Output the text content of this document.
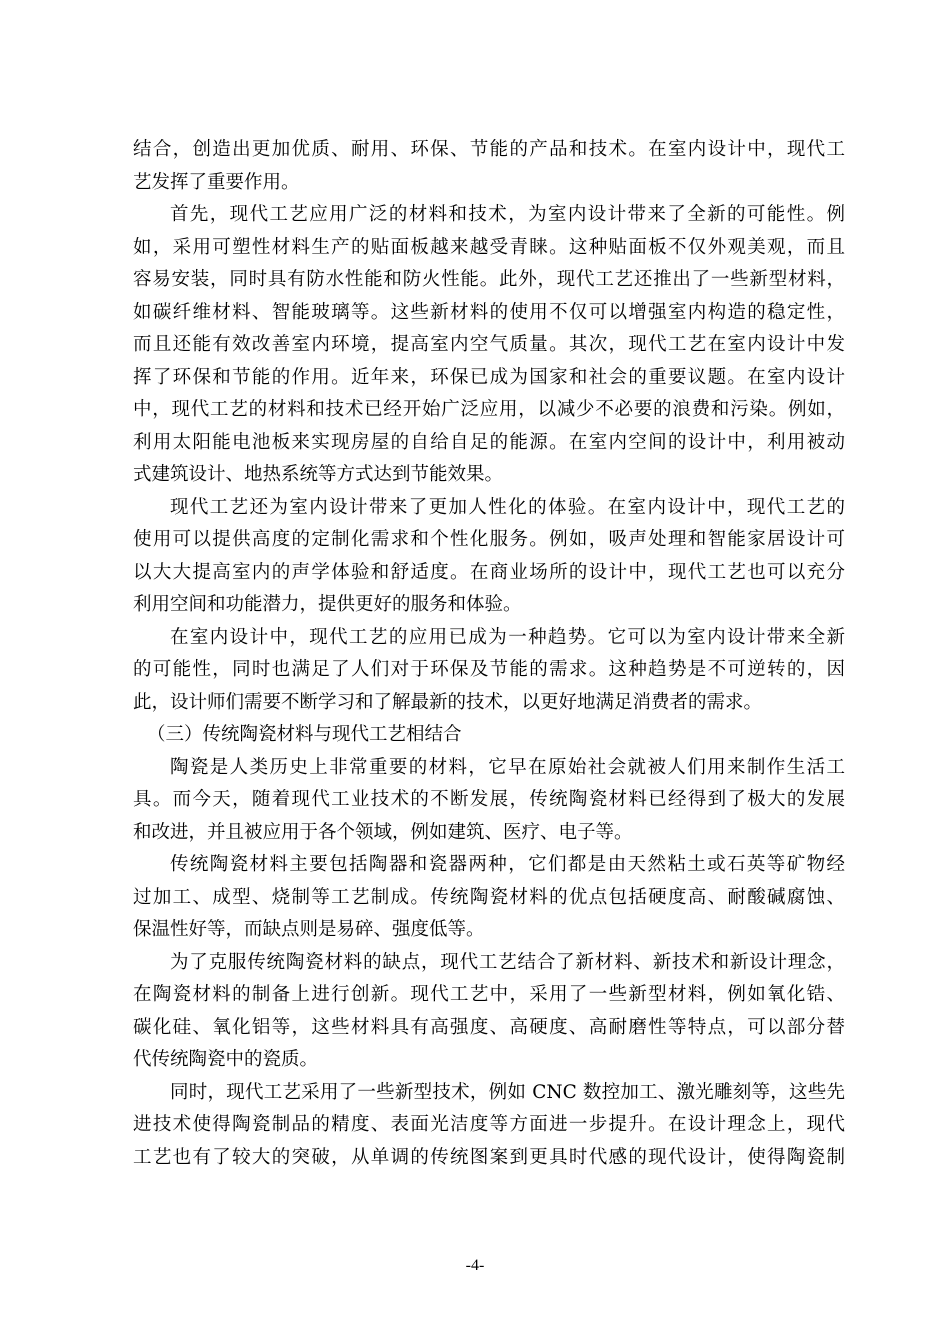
结合，创造出更加优质、耐用、环保、节能的产品和技术。在室内设计中，现代工
艺发挥了重要作用。
首先，现代工艺应用广泛的材料和技术，为室内设计带来了全新的可能性。例
如，采用可塑性材料生产的贴面板越来越受青睐。这种贴面板不仅外观美观，而且
容易安装，同时具有防水性能和防火性能。此外，现代工艺还推出了一些新型材料，
如碳纤维材料、智能玻璃等。这些新材料的使用不仅可以增强室内构造的稳定性，
而且还能有效改善室内环境，提高室内空气质量。其次，现代工艺在室内设计中发
挥了环保和节能的作用。近年来，环保已成为国家和社会的重要议题。在室内设计
中，现代工艺的材料和技术已经开始广泛应用，以减少不必要的浪费和污染。例如，
利用太阳能电池板来实现房屋的自给自足的能源。在室内空间的设计中，利用被动
式建筑设计、地热系统等方式达到节能效果。
现代工艺还为室内设计带来了更加人性化的体验。在室内设计中，现代工艺的
使用可以提供高度的定制化需求和个性化服务。例如，吸声处理和智能家居设计可
以大大提高室内的声学体验和舒适度。在商业场所的设计中，现代工艺也可以充分
利用空间和功能潜力，提供更好的服务和体验。
在室内设计中，现代工艺的应用已成为一种趋势。它可以为室内设计带来全新
的可能性，同时也满足了人们对于环保及节能的需求。这种趋势是不可逆转的，因
此，设计师们需要不断学习和了解最新的技术，以更好地满足消费者的需求。
（三）传统陶瓷材料与现代工艺相结合
陶瓷是人类历史上非常重要的材料，它早在原始社会就被人们用来制作生活工
具。而今天，随着现代工业技术的不断发展，传统陶瓷材料已经得到了极大的发展
和改进，并且被应用于各个领域，例如建筑、医疗、电子等。
传统陶瓷材料主要包括陶器和瓷器两种，它们都是由天然粘土或石英等矿物经
过加工、成型、烧制等工艺制成。传统陶瓷材料的优点包括硬度高、耐酸碱腐蚀、
保温性好等，而缺点则是易碎、强度低等。
为了克服传统陶瓷材料的缺点，现代工艺结合了新材料、新技术和新设计理念，
在陶瓷材料的制备上进行创新。现代工艺中，采用了一些新型材料，例如氧化锆、
碳化硅、氧化铝等，这些材料具有高强度、高硬度、高耐磨性等特点，可以部分替
代传统陶瓷中的瓷质。
同时，现代工艺采用了一些新型技术，例如 CNC 数控加工、激光雕刻等，这些先
进技术使得陶瓷制品的精度、表面光洁度等方面进一步提升。在设计理念上，现代
工艺也有了较大的突破，从单调的传统图案到更具时代感的现代设计，使得陶瓷制
-4-
